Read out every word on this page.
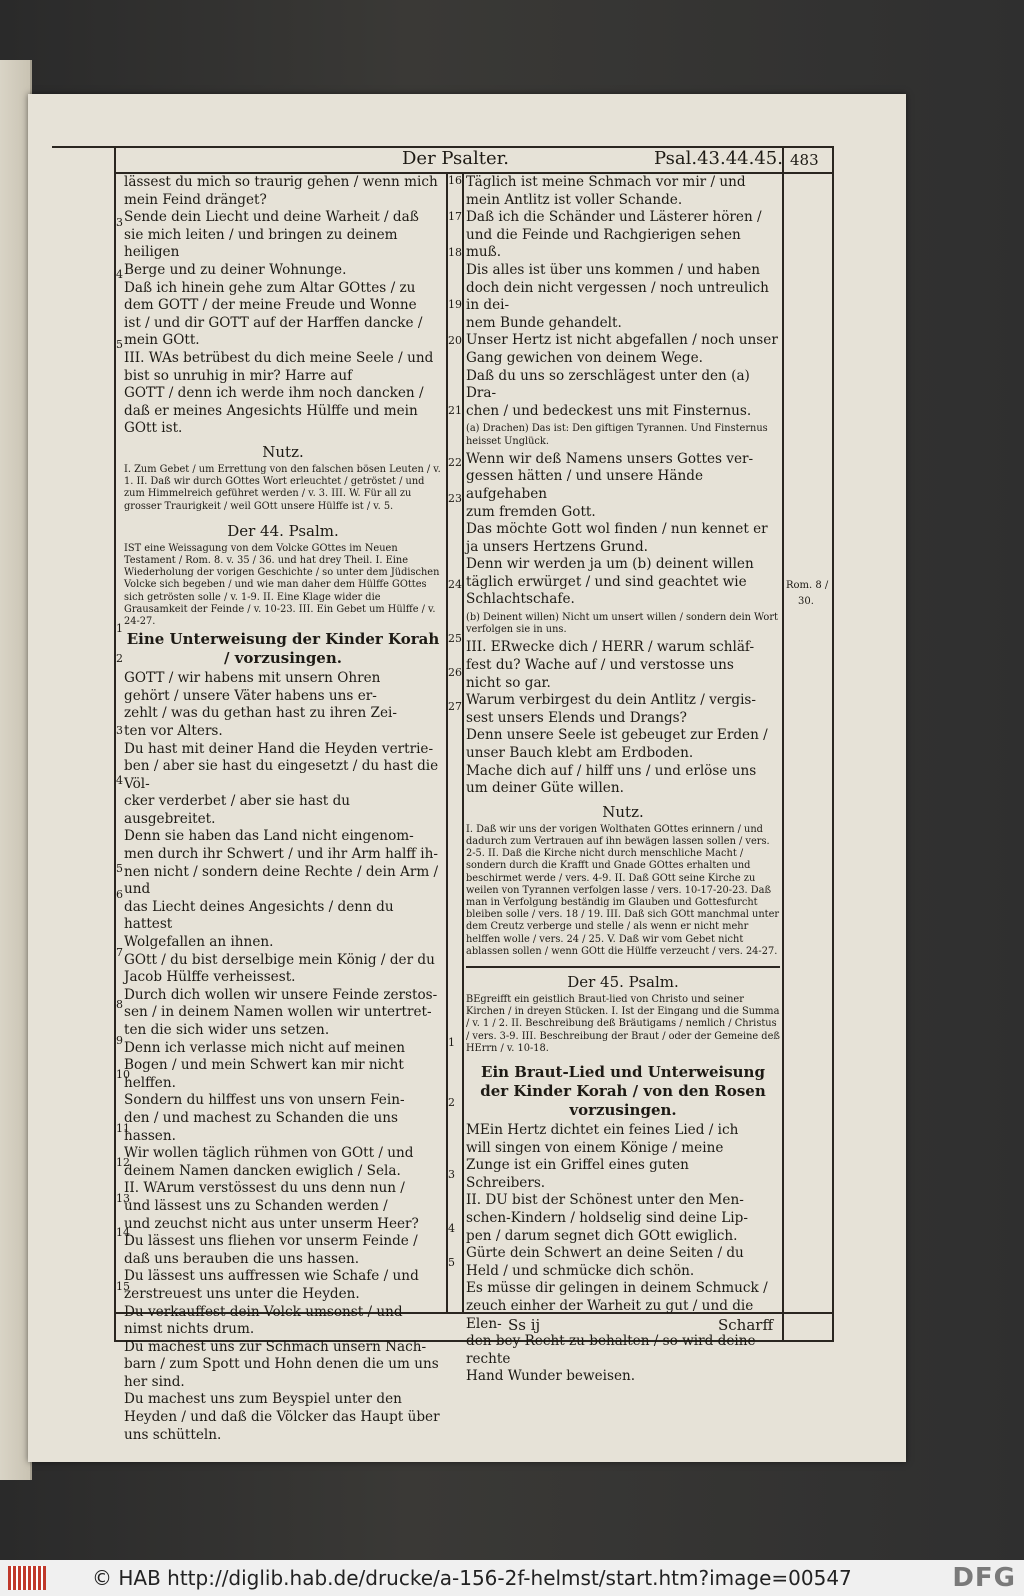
Der Psalter.	Psal.43.44.45. 483

lässest du mich so traurig gehen / wenn mich

mein Feind dränget?

Sende dein Liecht und deine Warheit / daß

sie mich leiten / und bringen zu deinem heiligen

Berge und zu deiner Wohnunge.

Daß ich hinein gehe zum Altar GOttes / zu

dem GOTT / der meine Freude und Wonne

ist / und dir GOTT auf der Harffen dancke /

mein GOtt.

III. WAs betrübest du dich meine Seele / und

bist so unruhig in mir? Harre auf

GOTT / denn ich werde ihm noch dancken /

daß er meines Angesichts Hülffe und mein

GOtt ist.

Nutz.
I. Zum Gebet / um Errettung von den falschen bösen Leuten / v. 1. II. Daß wir durch GOttes Wort erleuchtet / getröstet / und zum Himmelreich geführet werden / v. 3. III. W. Für all zu grosser Traurigkeit / weil GOtt unsere Hülffe ist / v. 5.
Der 44. Psalm.
IST eine Weissagung von dem Volcke GOttes im Neuen Testament / Rom. 8. v. 35 / 36. und hat drey Theil. I. Eine Wiederholung der vorigen Geschichte / so unter dem Jüdischen Volcke sich begeben / und wie man daher dem Hülffe GOttes sich getrösten solle / v. 1-9. II. Eine Klage wider die Grausamkeit der Feinde / v. 10-23. III. Ein Gebet um Hülffe / v. 24-27.
Eine Unterweisung der Kinder Korah / vorzusingen.

GOTT / wir habens mit unsern Ohren

gehört / unsere Väter habens uns er-

zehlt / was du gethan hast zu ihren Zei-

ten vor Alters.

Du hast mit deiner Hand die Heyden vertrie-

ben / aber sie hast du eingesetzt / du hast die Völ-

cker verderbet / aber sie hast du ausgebreitet.

Denn sie haben das Land nicht eingenom-

men durch ihr Schwert / und ihr Arm halff ih-

nen nicht / sondern deine Rechte / dein Arm / und

das Liecht deines Angesichts / denn du hattest

Wolgefallen an ihnen.

GOtt / du bist derselbige mein König / der du

Jacob Hülffe verheissest.

Durch dich wollen wir unsere Feinde zerstos-

sen / in deinem Namen wollen wir untertret-

ten die sich wider uns setzen.

Denn ich verlasse mich nicht auf meinen

Bogen / und mein Schwert kan mir nicht

helffen.

Sondern du hilffest uns von unsern Fein-

den / und machest zu Schanden die uns hassen.

Wir wollen täglich rühmen von GOtt / und

deinem Namen dancken ewiglich / Sela.

II. WArum verstössest du uns denn nun /

und lässest uns zu Schanden werden /

und zeuchst nicht aus unter unserm Heer?

Du lässest uns fliehen vor unserm Feinde /

daß uns berauben die uns hassen.

Du lässest uns auffressen wie Schafe / und

zerstreuest uns unter die Heyden.

Du verkauffest dein Volck umsonst / und

nimst nichts drum.

Du machest uns zur Schmach unsern Nach-

barn / zum Spott und Hohn denen die um uns

her sind.

Du machest uns zum Beyspiel unter den

Heyden / und daß die Völcker das Haupt über

uns schütteln.

3
4
5
1
2
3
4
5
6
7
8
9
10
11
12
13
14
15

Täglich ist meine Schmach vor mir / und

mein Antlitz ist voller Schande.

Daß ich die Schänder und Lästerer hören /

und die Feinde und Rachgierigen sehen muß.

Dis alles ist über uns kommen / und haben

doch dein nicht vergessen / noch untreulich in dei-

nem Bunde gehandelt.

Unser Hertz ist nicht abgefallen / noch unser

Gang gewichen von deinem Wege.

Daß du uns so zerschlägest unter den (a) Dra-

chen / und bedeckest uns mit Finsternus.

(a) Drachen) Das ist: Den giftigen Tyrannen. Und Finsternus heisset Unglück.

Wenn wir deß Namens unsers Gottes ver-

gessen hätten / und unsere Hände aufgehaben

zum fremden Gott.

Das möchte Gott wol finden / nun kennet er

ja unsers Hertzens Grund.

Denn wir werden ja um (b) deinent willen

täglich erwürget / und sind geachtet wie

Schlachtschafe.

(b) Deinent willen) Nicht um unsert willen / sondern dein Wort verfolgen sie in uns.

III. ERwecke dich / HERR / warum schläf-

fest du? Wache auf / und verstosse uns

nicht so gar.

Warum verbirgest du dein Antlitz / vergis-

sest unsers Elends und Drangs?

Denn unsere Seele ist gebeuget zur Erden /

unser Bauch klebt am Erdboden.

Mache dich auf / hilff uns / und erlöse uns

um deiner Güte willen.

Nutz.
I. Daß wir uns der vorigen Wolthaten GOttes erinnern / und dadurch zum Vertrauen auf ihn bewägen lassen sollen / vers. 2-5. II. Daß die Kirche nicht durch menschliche Macht / sondern durch die Krafft und Gnade GOttes erhalten und beschirmet werde / vers. 4-9. II. Daß GOtt seine Kirche zu weilen von Tyrannen verfolgen lasse / vers. 10-17-20-23. Daß man in Verfolgung beständig im Glauben und Gottesfurcht bleiben solle / vers. 18 / 19. III. Daß sich GOtt manchmal unter dem Creutz verberge und stelle / als wenn er nicht mehr helffen wolle / vers. 24 / 25. V. Daß wir vom Gebet nicht ablassen sollen / wenn GOtt die Hülffe verzeucht / vers. 24-27.
Der 45. Psalm.
BEgreifft ein geistlich Braut-lied von Christo und seiner Kirchen / in dreyen Stücken. I. Ist der Eingang und die Summa / v. 1 / 2. II. Beschreibung deß Bräutigams / nemlich / Christus / vers. 3-9. III. Beschreibung der Braut / oder der Gemeine deß HErrn / v. 10-18.
Ein Braut-Lied und Unterweisung der Kinder Korah / von den Rosen vorzusingen.

MEin Hertz dichtet ein feines Lied / ich

will singen von einem Könige / meine

Zunge ist ein Griffel eines guten

Schreibers.

II. DU bist der Schönest unter den Men-

schen-Kindern / holdselig sind deine Lip-

pen / darum segnet dich GOtt ewiglich.

Gürte dein Schwert an deine Seiten / du

Held / und schmücke dich schön.

Es müsse dir gelingen in deinem Schmuck /

zeuch einher der Warheit zu gut / und die Elen-

den bey Recht zu behalten / so wird deine rechte

Hand Wunder beweisen.

16
17
18
19
20
21
22
23
24
25
26
27
1
2
3
4
5
Rom. 8 /
30.
Ss ij	Scharff
© HAB http://diglib.hab.de/drucke/a-156-2f-helmst/start.htm?image=00547	DFG
